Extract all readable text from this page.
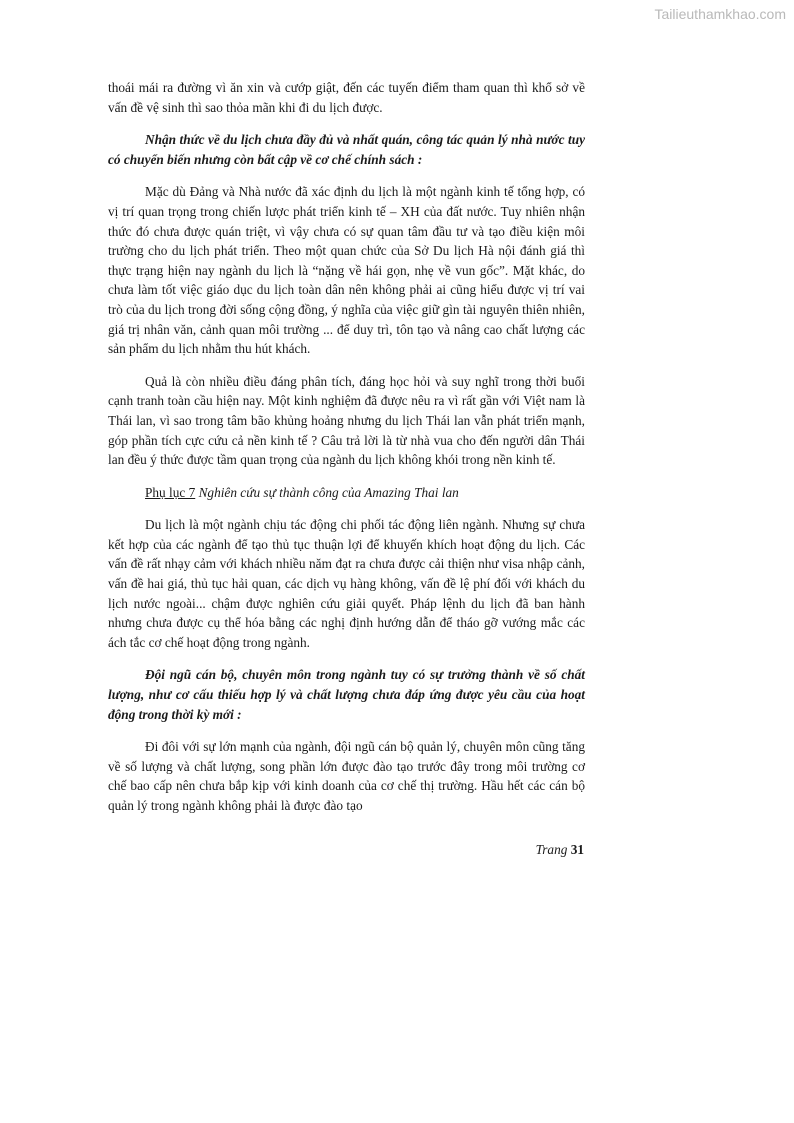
Tailieuthamkhao.com

thoái mái ra đường vì ăn xin và cướp giật, đến các tuyến điểm tham quan thì khổ sở về vấn đề vệ sinh thì sao thỏa mãn khi đi du lịch được.

Nhận thức về du lịch chưa đầy đủ và nhất quán, công tác quản lý nhà nước tuy có chuyển biến nhưng còn bất cập về cơ chế chính sách :

Mặc dù Đảng và Nhà nước đã xác định du lịch là một ngành kinh tế tổng hợp, có vị trí quan trọng trong chiến lược phát triển kinh tế – XH của đất nước. Tuy nhiên nhận thức đó chưa được quán triệt, vì vậy chưa có sự quan tâm đầu tư và tạo điều kiện môi trường cho du lịch phát triển. Theo một quan chức của Sở Du lịch Hà nội đánh giá thì thực trạng hiện nay ngành du lịch là “nặng về hái gọn, nhẹ về vun gốc”. Mặt khác, do chưa làm tốt việc giáo dục du lịch toàn dân nên không phải ai cũng hiểu được vị trí vai trò của du lịch trong đời sống cộng đồng, ý nghĩa của việc giữ gìn tài nguyên thiên nhiên, giá trị nhân văn, cảnh quan môi trường ... để duy trì, tôn tạo và nâng cao chất lượng các sản phẩm du lịch nhằm thu hút khách.

Quả là còn nhiều điều đáng phân tích, đáng học hỏi và suy nghĩ trong thời buổi cạnh tranh toàn cầu hiện nay. Một kinh nghiệm đã được nêu ra vì rất gần với Việt nam là Thái lan, vì sao trong tâm bão khủng hoảng nhưng du lịch Thái lan vẫn phát triển mạnh, góp phần tích cực cứu cả nền kinh tế ? Câu trả lời là từ nhà vua cho đến người dân Thái lan đều ý thức được tầm quan trọng của ngành du lịch không khói trong nền kinh tế.

Phụ lục 7 Nghiên cứu sự thành công của Amazing Thai lan

Du lịch là một ngành chịu tác động chi phối tác động liên ngành. Nhưng sự chưa kết hợp của các ngành để tạo thủ tục thuận lợi để khuyến khích hoạt động du lịch. Các vấn đề rất nhạy cảm với khách nhiều năm đạt ra chưa được cải thiện như visa nhập cảnh, vấn đề hai giá, thủ tục hải quan, các dịch vụ hàng không, vấn đề lệ phí đối với khách du lịch nước ngoài... chậm được nghiên cứu giải quyết. Pháp lệnh du lịch đã ban hành nhưng chưa được cụ thể hóa bằng các nghị định hướng dẫn để tháo gỡ vướng mắc các ách tắc cơ chế hoạt động trong ngành.

Đội ngũ cán bộ, chuyên môn trong ngành tuy có sự trưởng thành về số chất lượng, như cơ cấu thiếu hợp lý và chất lượng chưa đáp ứng được yêu cầu của hoạt động trong thời kỳ mới :

Đi đôi với sự lớn mạnh của ngành, đội ngũ cán bộ quản lý, chuyên môn cũng tăng về số lượng và chất lượng, song phần lớn được đào tạo trước đây trong môi trường cơ chế bao cấp nên chưa bắp kịp với kinh doanh của cơ chế thị trường. Hầu hết các cán bộ quản lý trong ngành không phải là được đào tạo

Trang 31
